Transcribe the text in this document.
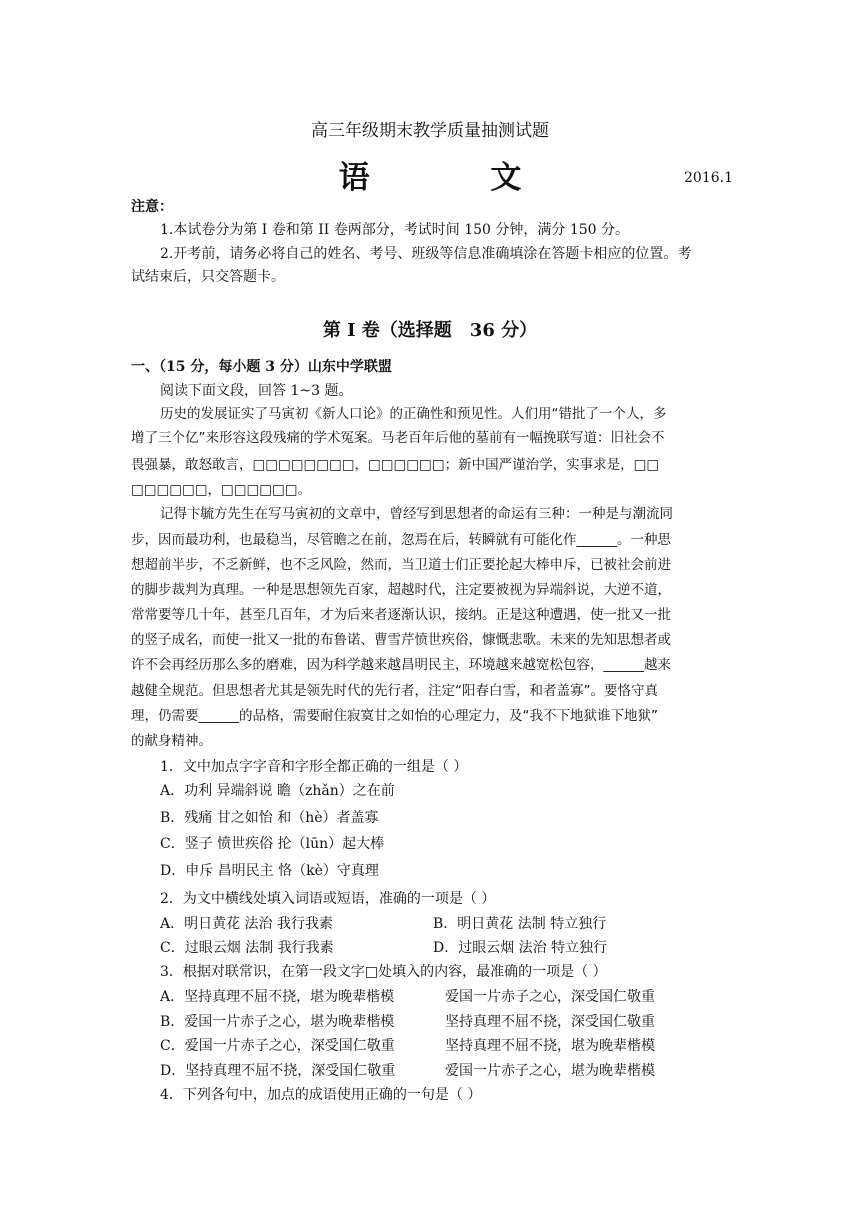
高三年级期末教学质量抽测试题
语 文	2016.1
注意：
1.本试卷分为第 I 卷和第 II 卷两部分，考试时间 150 分钟，满分 150 分。
2.开考前，请务必将自己的姓名、考号、班级等信息准确填涂在答题卡相应的位置。考
试结束后，只交答题卡。
第 I 卷（选择题　36 分）
一、（15 分，每小题 3 分）山东中学联盟
阅读下面文段，回答 1~3 题。
历史的发展证实了马寅初《新人口论》的正确性和预见性。人们用“错批了一个人，多
增了三个亿”来形容这段残痛的学术冤案。马老百年后他的墓前有一幅挽联写道：旧社会不
畏强暴，敢怒敢言，□□□□□□□□，□□□□□□；新中国严谨治学，实事求是，□□
□□□□□□，□□□□□□。
记得卞毓方先生在写马寅初的文章中，曾经写到思想者的命运有三种：一种是与潮流同
步，因而最功利，也最稳当，尽管瞻之在前，忽焉在后，转瞬就有可能化作______。一种思
想超前半步，不乏新鲜，也不乏风险，然而，当卫道士们正要抡起大棒申斥，已被社会前进
的脚步裁判为真理。一种是思想领先百家，超越时代，注定要被视为异端斜说，大逆不道，
常常要等几十年，甚至几百年，才为后来者逐渐认识，接纳。正是这种遭遇，使一批又一批
的竖子成名，而使一批又一批的布鲁诺、曹雪芹愤世疾俗，慷慨悲歌。未来的先知思想者或
许不会再经历那么多的磨难，因为科学越来越昌明民主，环境越来越宽松包容，______越来
越健全规范。但思想者尤其是领先时代的先行者，注定“阳春白雪，和者盖寡”。要恪守真
理，仍需要______的品格，需要耐住寂寞甘之如怡的心理定力，及“我不下地狱谁下地狱”
的献身精神。
1．文中加点字字音和字形全都正确的一组是（ ）
A．功利 异端斜说 瞻（zhǎn）之在前
B．残痛 甘之如怡 和（hè）者盖寡
C．竖子 愤世疾俗 抡（lūn）起大棒
D．申斥 昌明民主 恪（kè）守真理
2．为文中横线处填入词语或短语，准确的一项是（ ）
A．明日黄花 法治 我行我素	B．明日黄花 法制 特立独行
C．过眼云烟 法制 我行我素	D．过眼云烟 法治 特立独行
3．根据对联常识，在第一段文字□处填入的内容，最准确的一项是（ ）
A．坚持真理不屈不挠，堪为晚辈楷模	爱国一片赤子之心，深受国仁敬重
B．爱国一片赤子之心，堪为晚辈楷模	坚持真理不屈不挠，深受国仁敬重
C．爱国一片赤子之心，深受国仁敬重	坚持真理不屈不挠，堪为晚辈楷模
D．坚持真理不屈不挠，深受国仁敬重	爱国一片赤子之心，堪为晚辈楷模
4．下列各句中，加点的成语使用正确的一句是（ ）
